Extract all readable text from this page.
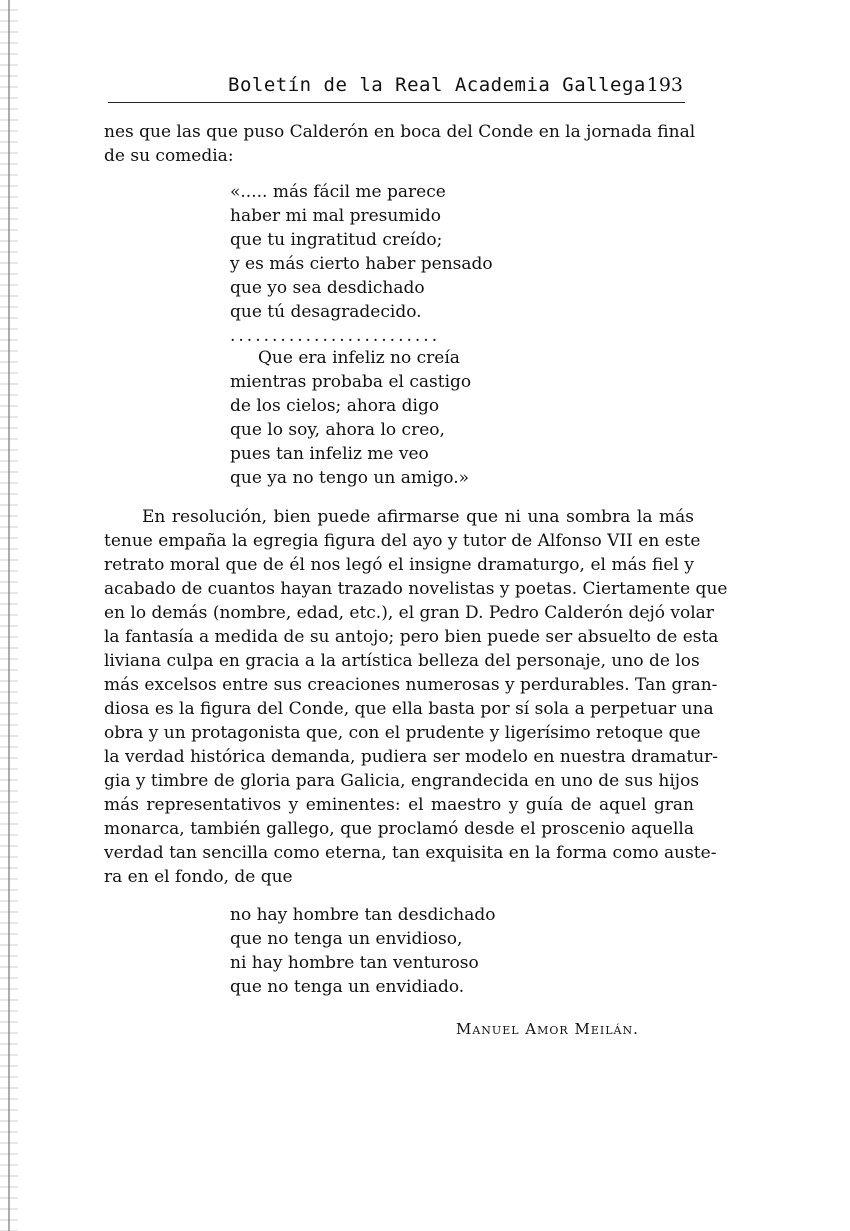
Boletín de la Real Academia Gallega 193
nes que las que puso Calderón en boca del Conde en la jornada final
de su comedia:
«..... más fácil me parece
haber mi mal presumido
que tu ingratitud creído;
y es más cierto haber pensado
que yo sea desdichado
que tú desagradecido.
.........................
Que era infeliz no creía
mientras probaba el castigo
de los cielos; ahora digo
que lo soy, ahora lo creo,
pues tan infeliz me veo
que ya no tengo un amigo.»
En resolución, bien puede afirmarse que ni una sombra la más
tenue empaña la egregia figura del ayo y tutor de Alfonso VII en este
retrato moral que de él nos legó el insigne dramaturgo, el más fiel y
acabado de cuantos hayan trazado novelistas y poetas. Ciertamente que
en lo demás (nombre, edad, etc.), el gran D. Pedro Calderón dejó volar
la fantasía a medida de su antojo; pero bien puede ser absuelto de esta
liviana culpa en gracia a la artística belleza del personaje, uno de los
más excelsos entre sus creaciones numerosas y perdurables. Tan gran-
diosa es la figura del Conde, que ella basta por sí sola a perpetuar una
obra y un protagonista que, con el prudente y ligerísimo retoque que
la verdad histórica demanda, pudiera ser modelo en nuestra dramatur-
gia y timbre de gloria para Galicia, engrandecida en uno de sus hijos
más representativos y eminentes: el maestro y guía de aquel gran
monarca, también gallego, que proclamó desde el proscenio aquella
verdad tan sencilla como eterna, tan exquisita en la forma como auste-
ra en el fondo, de que
no hay hombre tan desdichado
que no tenga un envidioso,
ni hay hombre tan venturoso
que no tenga un envidiado.
Manuel Amor Meilán.
